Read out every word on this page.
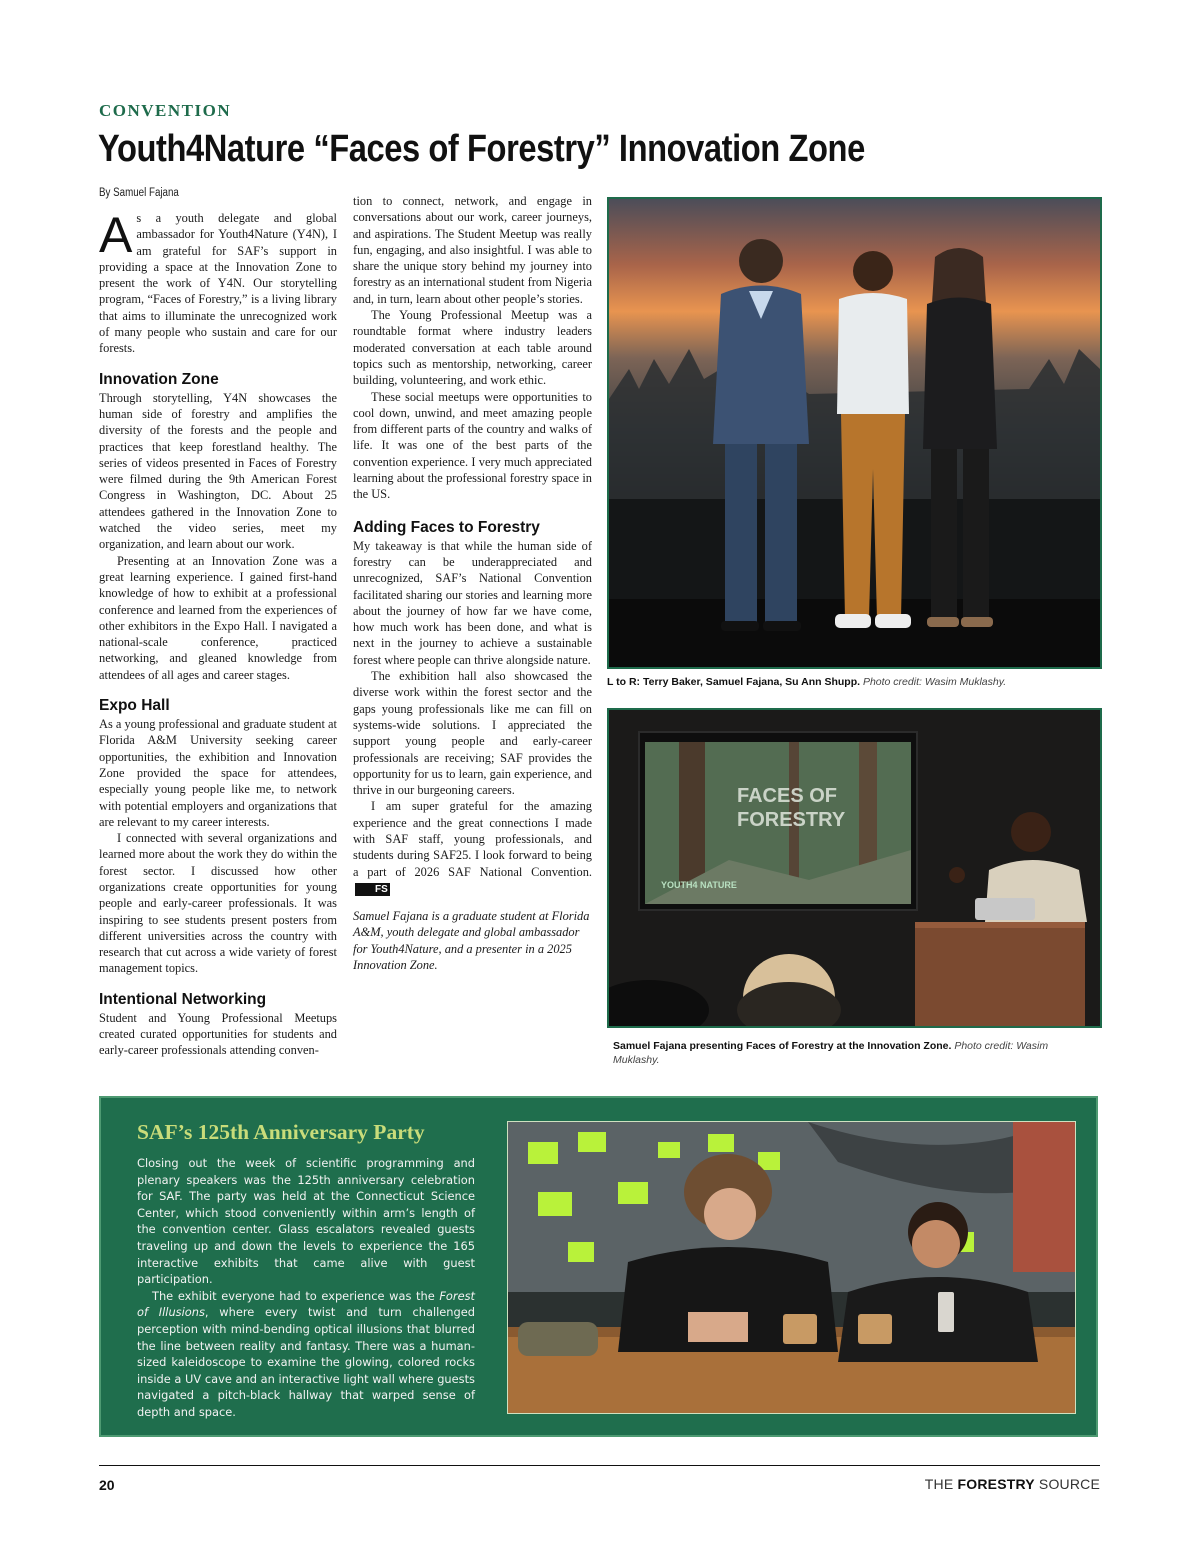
CONVENTION
Youth4Nature “Faces of Forestry” Innovation Zone
By Samuel Fajana

As a youth delegate and global ambassador for Youth4Nature (Y4N), I am grateful for SAF’s support in providing a space at the Innovation Zone to present the work of Y4N. Our storytelling program, “Faces of Forestry,” is a living library that aims to illuminate the unrecognized work of many people who sustain and care for our forests.

Innovation Zone

Through storytelling, Y4N showcases the human side of forestry and amplifies the diversity of the forests and the people and practices that keep forestland healthy. The series of videos presented in Faces of Forestry were filmed during the 9th American Forest Congress in Washington, DC. About 25 attendees gathered in the Innovation Zone to watched the video series, meet my organization, and learn about our work.

Presenting at an Innovation Zone was a great learning experience. I gained first-hand knowledge of how to exhibit at a professional conference and learned from the experiences of other exhibitors in the Expo Hall. I navigated a national-scale conference, practiced networking, and gleaned knowledge from attendees of all ages and career stages.

Expo Hall

As a young professional and graduate student at Florida A&M University seeking career opportunities, the exhibition and Innovation Zone provided the space for attendees, especially young people like me, to network with potential employers and organizations that are relevant to my career interests.

I connected with several organizations and learned more about the work they do within the forest sector. I discussed how other organizations create opportunities for young people and early-career professionals. It was inspiring to see students present posters from different universities across the country with research that cut across a wide variety of forest management topics.

Intentional Networking

Student and Young Professional Meetups created curated opportunities for students and early-career professionals attending conven-

tion to connect, network, and engage in conversations about our work, career journeys, and aspirations. The Student Meetup was really fun, engaging, and also insightful. I was able to share the unique story behind my journey into forestry as an international student from Nigeria and, in turn, learn about other people’s stories.

The Young Professional Meetup was a roundtable format where industry leaders moderated conversation at each table around topics such as mentorship, networking, career building, volunteering, and work ethic.

These social meetups were opportunities to cool down, unwind, and meet amazing people from different parts of the country and walks of life. It was one of the best parts of the convention experience. I very much appreciated learning about the professional forestry space in the US.

Adding Faces to Forestry

My takeaway is that while the human side of forestry can be underappreciated and unrecognized, SAF’s National Convention facilitated sharing our stories and learning more about the journey of how far we have come, how much work has been done, and what is next in the journey to achieve a sustainable forest where people can thrive alongside nature.

The exhibition hall also showcased the diverse work within the forest sector and the gaps young professionals like me can fill on systems-wide solutions. I appreciated the support young people and early-career professionals are receiving; SAF provides the opportunity for us to learn, gain experience, and thrive in our burgeoning careers.

I am super grateful for the amazing experience and the great connections I made with SAF staff, young professionals, and students during SAF25. I look forward to being a part of 2026 SAF National Convention.FS

Samuel Fajana is a graduate student at Florida A&M, youth delegate and global ambassador for Youth4Nature, and a presenter in a 2025 Innovation Zone.

L to R: Terry Baker, Samuel Fajana, Su Ann Shupp. Photo credit: Wasim Muklashy.
FACES OF
FORESTRY
YOUTH4 NATURE
Samuel Fajana presenting Faces of Forestry at the Innovation Zone. Photo credit: Wasim Muklashy.
SAF’s 125th Anniversary Party

Closing out the week of scientific programming and plenary speakers was the 125th anniversary celebration for SAF. The party was held at the Connecticut Science Center, which stood conveniently within arm’s length of the convention center. Glass escalators revealed guests traveling up and down the levels to experience the 165 interactive exhibits that came alive with guest participation.

The exhibit everyone had to experience was the Forest of Illusions, where every twist and turn challenged perception with mind-bending optical illusions that blurred the line between reality and fantasy. There was a human-sized kaleidoscope to examine the glowing, colored rocks inside a UV cave and an interactive light wall where guests navigated a pitch-black hallway that warped sense of depth and space.

20	THE FORESTRY SOURCE
